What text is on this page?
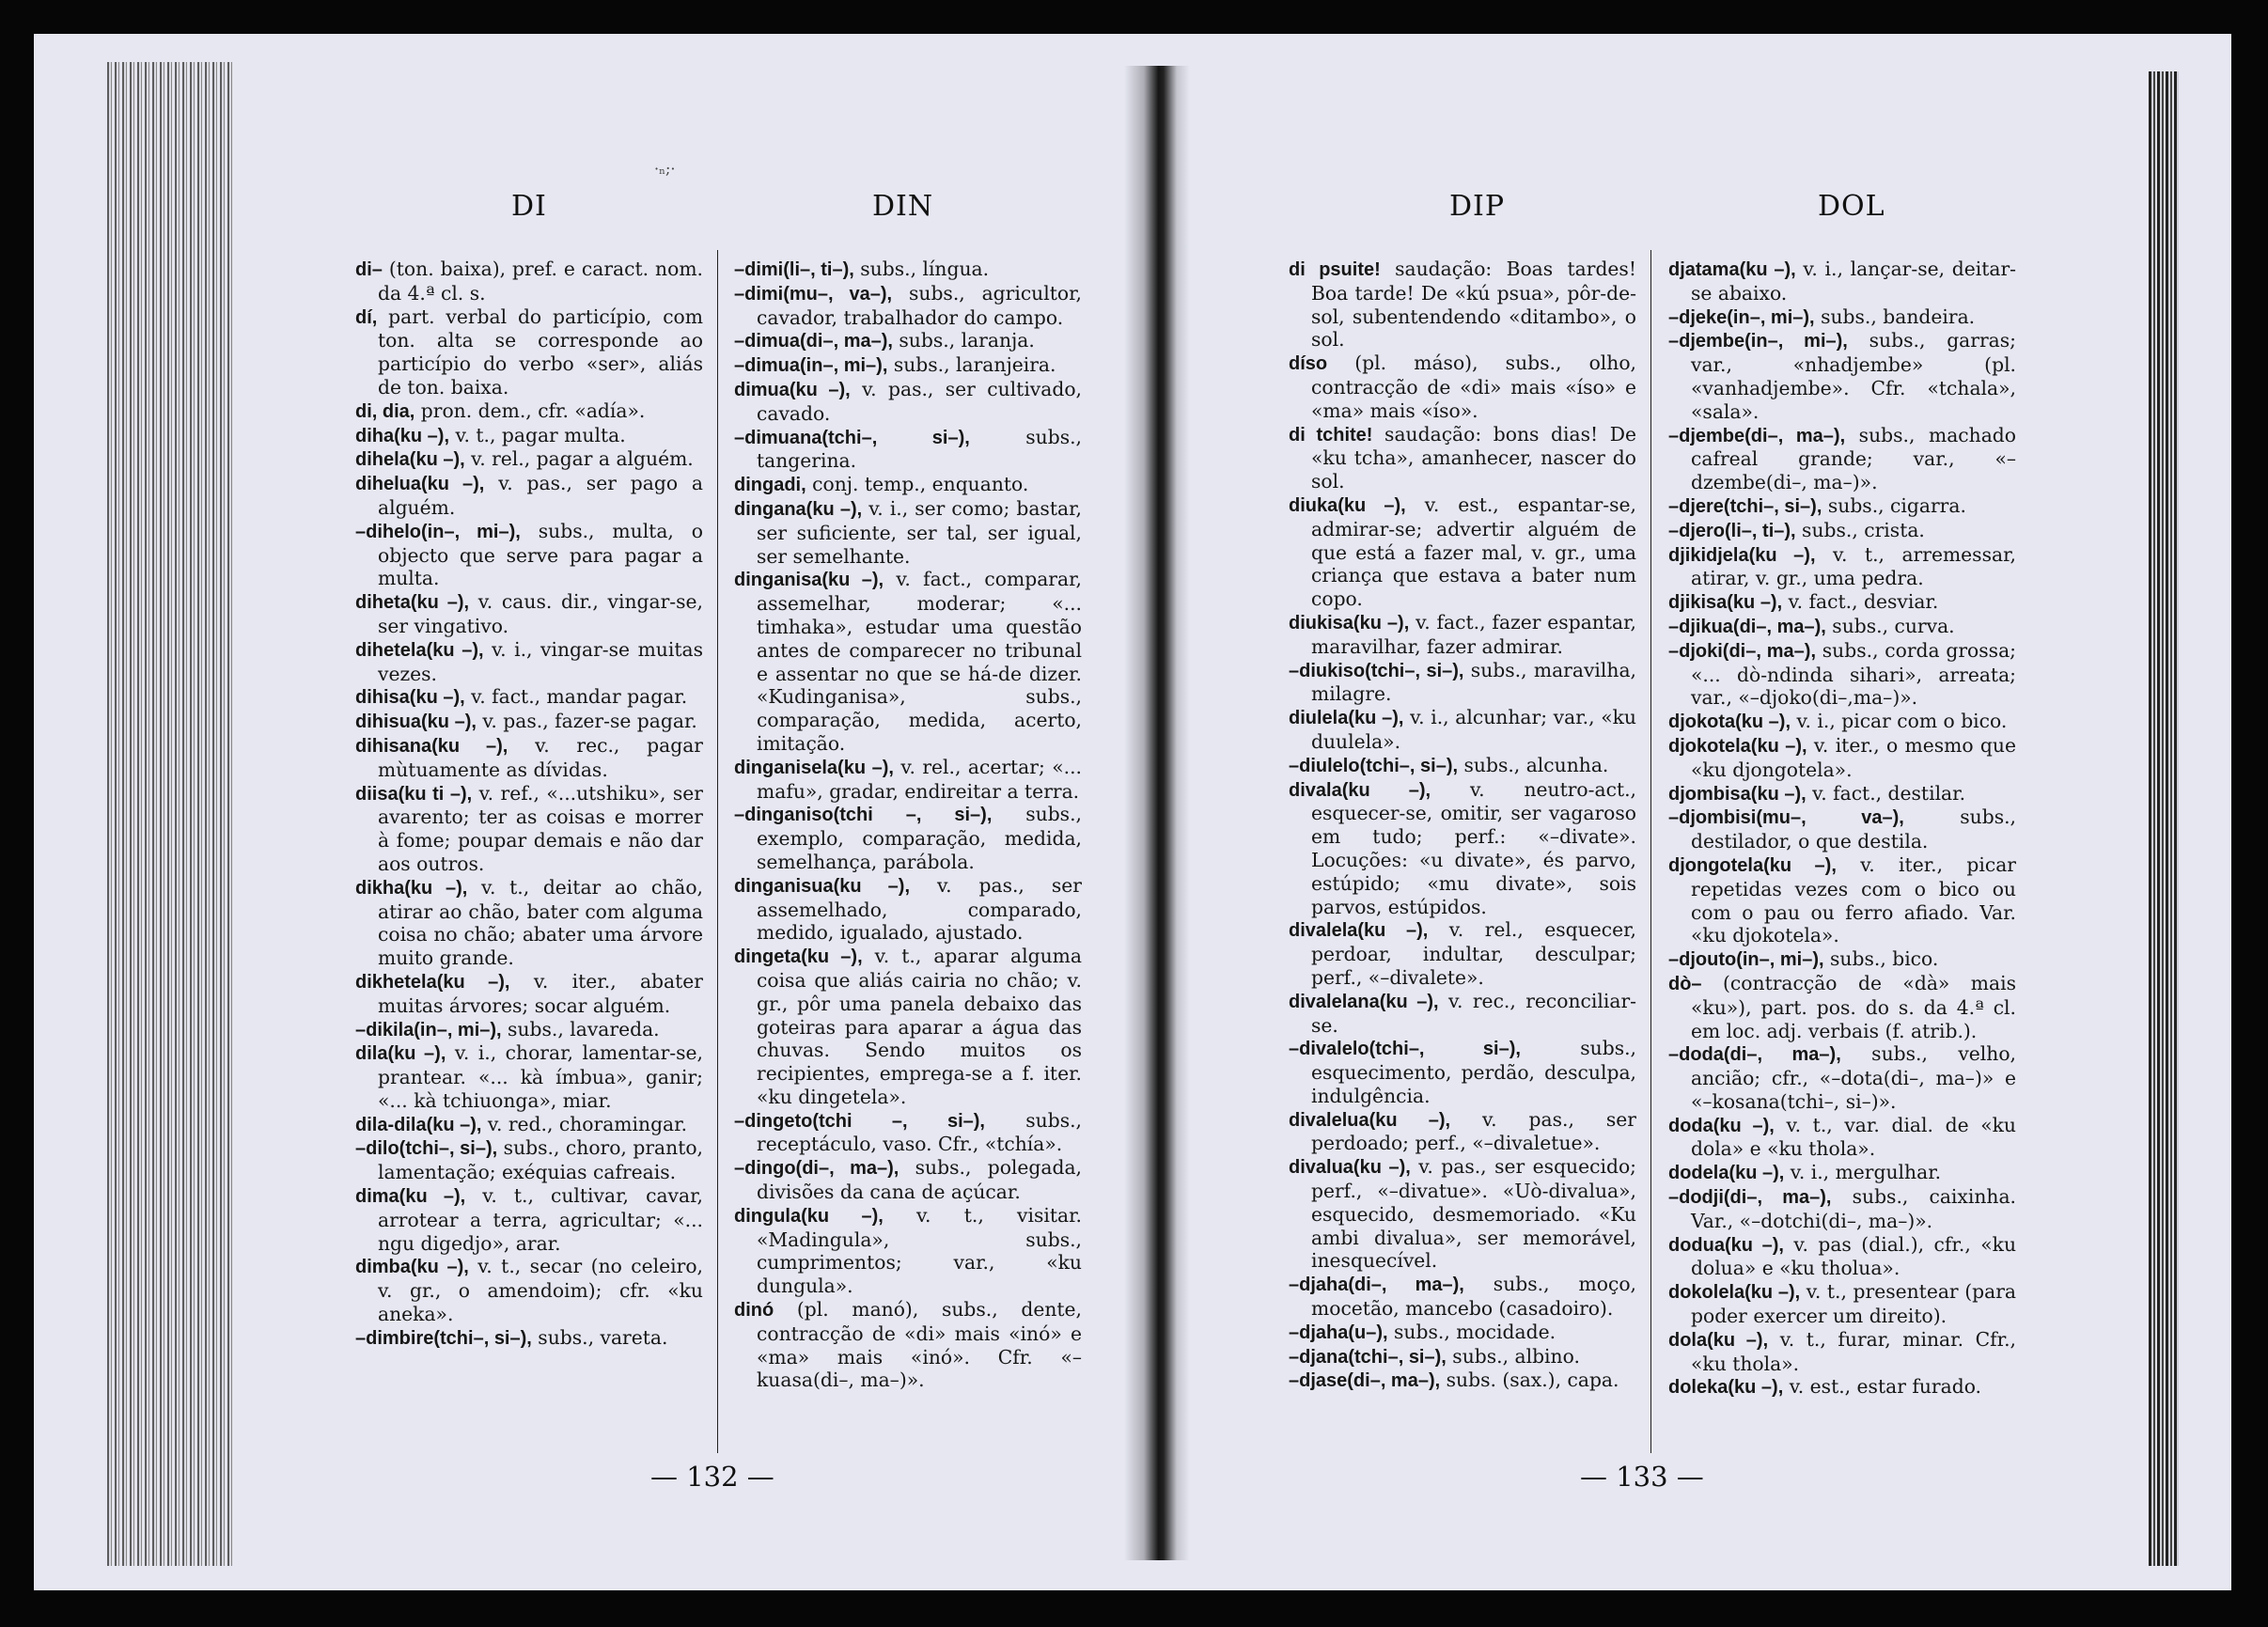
·ₙ;·
DI	DIN

di– (ton. baixa), pref. e caract. nom. da 4.ª cl. s.

dí, part. verbal do particípio, com ton. alta se corresponde ao particípio do verbo «ser», aliás de ton. baixa.

di, dia, pron. dem., cfr. «adía».

diha(ku –), v. t., pagar multa.

dihela(ku –), v. rel., pagar a alguém.

dihelua(ku –), v. pas., ser pago a alguém.

–dihelo(in–, mi–), subs., multa, o objecto que serve para pagar a multa.

diheta(ku –), v. caus. dir., vingar-se, ser vingativo.

dihetela(ku –), v. i., vingar-se muitas vezes.

dihisa(ku –), v. fact., mandar pagar.

dihisua(ku –), v. pas., fazer-se pagar.

dihisana(ku –), v. rec., pagar mùtuamente as dívidas.

diisa(ku ti –), v. ref., «...utshiku», ser avarento; ter as coisas e morrer à fome; poupar demais e não dar aos outros.

dikha(ku –), v. t., deitar ao chão, atirar ao chão, bater com alguma coisa no chão; abater uma árvore muito grande.

dikhetela(ku –), v. iter., abater muitas árvores; socar alguém.

–dikila(in–, mi–), subs., lavareda.

dila(ku –), v. i., chorar, lamentar-se, prantear. «... kà ímbua», ganir; «... kà tchiuonga», miar.

dila-dila(ku –), v. red., choramingar.

–dilo(tchi–, si–), subs., choro, pranto, lamentação; exéquias cafreais.

dima(ku –), v. t., cultivar, cavar, arrotear a terra, agricultar; «... ngu digedjo», arar.

dimba(ku –), v. t., secar (no celeiro, v. gr., o amendoim); cfr. «ku aneka».

–dimbire(tchi–, si–), subs., vareta.

–dimi(li–, ti–), subs., língua.

–dimi(mu–, va–), subs., agricultor, cavador, trabalhador do campo.

–dimua(di–, ma–), subs., laranja.

–dimua(in–, mi–), subs., laranjeira.

dimua(ku –), v. pas., ser cultivado, cavado.

–dimuana(tchi–, si–), subs., tangerina.

dingadi, conj. temp., enquanto.

dingana(ku –), v. i., ser como; bastar, ser suficiente, ser tal, ser igual, ser semelhante.

dinganisa(ku –), v. fact., comparar, assemelhar, moderar; «... timhaka», estudar uma questão antes de comparecer no tribunal e assentar no que se há-de dizer. «Kudinganisa», subs., comparação, medida, acerto, imitação.

dinganisela(ku –), v. rel., acertar; «... mafu», gradar, endireitar a terra.

–dinganiso(tchi –, si–), subs., exemplo, comparação, medida, semelhança, parábola.

dinganisua(ku –), v. pas., ser assemelhado, comparado, medido, igualado, ajustado.

dingeta(ku –), v. t., aparar alguma coisa que aliás cairia no chão; v. gr., pôr uma panela debaixo das goteiras para aparar a água das chuvas. Sendo muitos os recipientes, emprega-se a f. iter. «ku dingetela».

–dingeto(tchi –, si–), subs., receptáculo, vaso. Cfr., «tchía».

–dingo(di–, ma–), subs., polegada, divisões da cana de açúcar.

dingula(ku –), v. t., visitar. «Madingula», subs., cumprimentos; var., «ku dungula».

dinó (pl. manó), subs., dente, contracção de «di» mais «inó» e «ma» mais «inó». Cfr. «–kuasa(di–, ma–)».

— 132 —
DIP	DOL

di psuite! saudação: Boas tardes! Boa tarde! De «kú psua», pôr-de-sol, subentendendo «ditambo», o sol.

díso (pl. máso), subs., olho, contracção de «di» mais «íso» e «ma» mais «íso».

di tchite! saudação: bons dias! De «ku tcha», amanhecer, nascer do sol.

diuka(ku –), v. est., espantar-se, admirar-se; advertir alguém de que está a fazer mal, v. gr., uma criança que estava a bater num copo.

diukisa(ku –), v. fact., fazer espantar, maravilhar, fazer admirar.

–diukiso(tchi–, si–), subs., maravilha, milagre.

diulela(ku –), v. i., alcunhar; var., «ku duulela».

–diulelo(tchi–, si–), subs., alcunha.

divala(ku –), v. neutro-act., esquecer-se, omitir, ser vagaroso em tudo; perf.: «–divate». Locuções: «u divate», és parvo, estúpido; «mu divate», sois parvos, estúpidos.

divalela(ku –), v. rel., esquecer, perdoar, indultar, desculpar; perf., «–divalete».

divalelana(ku –), v. rec., reconciliar-se.

–divalelo(tchi–, si–), subs., esquecimento, perdão, desculpa, indulgência.

divalelua(ku –), v. pas., ser perdoado; perf., «–divaletue».

divalua(ku –), v. pas., ser esquecido; perf., «–divatue». «Uò-divalua», esquecido, desmemoriado. «Ku ambi divalua», ser memorável, inesquecível.

–djaha(di–, ma–), subs., moço, mocetão, mancebo (casadoiro).

–djaha(u–), subs., mocidade.

–djana(tchi–, si–), subs., albino.

–djase(di–, ma–), subs. (sax.), capa.

djatama(ku –), v. i., lançar-se, deitar-se abaixo.

–djeke(in–, mi–), subs., bandeira.

–djembe(in–, mi–), subs., garras; var., «nhadjembe» (pl. «vanhadjembe». Cfr. «tchala», «sala».

–djembe(di–, ma–), subs., machado cafreal grande; var., «–dzembe(di–, ma–)».

–djere(tchi–, si–), subs., cigarra.

–djero(li–, ti–), subs., crista.

djikidjela(ku –), v. t., arremessar, atirar, v. gr., uma pedra.

djikisa(ku –), v. fact., desviar.

–djikua(di–, ma–), subs., curva.

–djoki(di–, ma–), subs., corda grossa; «... dò-ndinda sihari», arreata; var., «–djoko(di–,ma–)».

djokota(ku –), v. i., picar com o bico.

djokotela(ku –), v. iter., o mesmo que «ku djongotela».

djombisa(ku –), v. fact., destilar.

–djombisi(mu–, va–), subs., destilador, o que destila.

djongotela(ku –), v. iter., picar repetidas vezes com o bico ou com o pau ou ferro afiado. Var. «ku djokotela».

–djouto(in–, mi–), subs., bico.

dò– (contracção de «dà» mais «ku»), part. pos. do s. da 4.ª cl. em loc. adj. verbais (f. atrib.).

–doda(di–, ma–), subs., velho, ancião; cfr., «–dota(di–, ma–)» e «–kosana(tchi–, si–)».

doda(ku –), v. t., var. dial. de «ku dola» e «ku thola».

dodela(ku –), v. i., mergulhar.

–dodji(di–, ma–), subs., caixinha. Var., «–dotchi(di–, ma–)».

dodua(ku –), v. pas (dial.), cfr., «ku dolua» e «ku tholua».

dokolela(ku –), v. t., presentear (para poder exercer um direito).

dola(ku –), v. t., furar, minar. Cfr., «ku thola».

doleka(ku –), v. est., estar furado.

— 133 —
